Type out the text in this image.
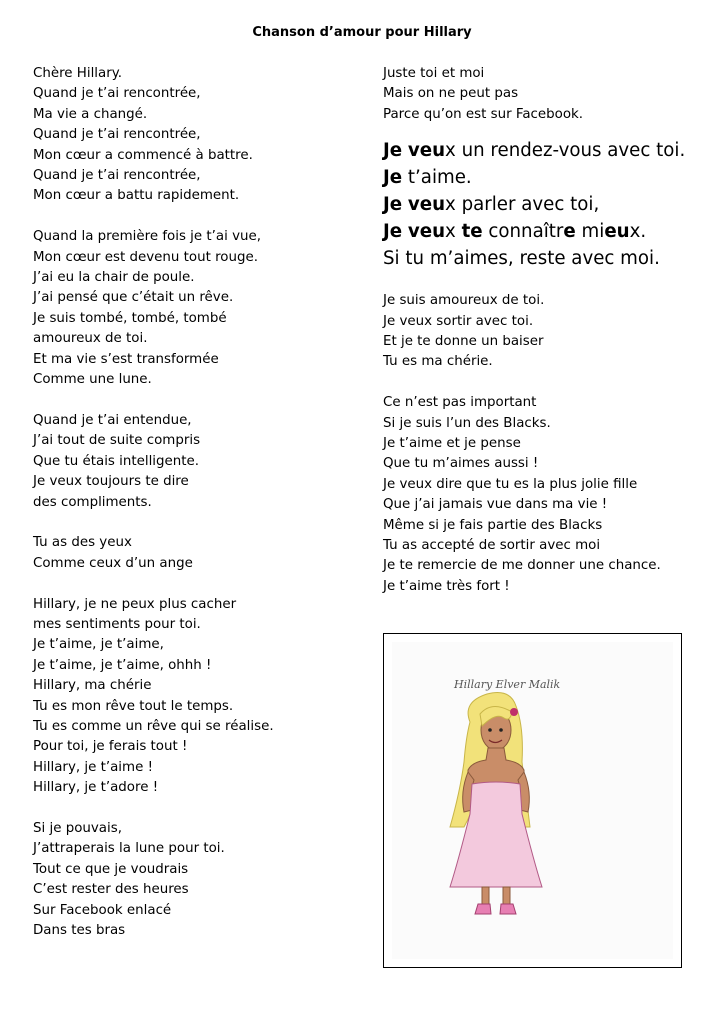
Chanson d’amour pour Hillary
Chère Hillary.
Quand je t’ai rencontrée,
Ma vie a changé.
Quand je t’ai rencontrée,
Mon cœur a commencé à battre.
Quand je t’ai rencontrée,
Mon cœur a battu rapidement.
Quand la première fois je t’ai vue,
Mon cœur est devenu tout rouge.
J’ai eu la chair de poule.
J’ai pensé que c’était un rêve.
Je suis tombé, tombé, tombé
amoureux de toi.
Et ma vie s’est transformée
Comme une lune.
Quand je t’ai entendue,
J’ai tout de suite compris
Que tu étais intelligente.
Je veux toujours te dire
des compliments.
Tu as des yeux
Comme ceux d’un ange
Hillary, je ne peux plus cacher
mes sentiments pour toi.
Je t’aime, je t’aime,
Je t’aime, je t’aime, ohhh !
Hillary, ma chérie
Tu es mon rêve tout le temps.
Tu es comme un rêve qui se réalise.
Pour toi, je ferais tout !
Hillary, je t’aime !
Hillary, je t’adore !
Si je pouvais,
J’attraperais la lune pour toi.
Tout ce que je voudrais
C’est rester des heures
Sur Facebook enlacé
Dans tes bras
Juste toi et moi
Mais on ne peut pas
Parce qu’on est sur Facebook.
Je veux un rendez-vous avec toi.
Je t’aime.
Je veux parler avec toi,
Je veux te connaître mieux.
Si tu m’aimes, reste avec moi.
Je suis amoureux de toi.
Je veux sortir avec toi.
Et je te donne un baiser
Tu es ma chérie.
Ce n’est pas important
Si je suis l’un des Blacks.
Je t’aime et je pense
Que tu m’aimes aussi !
Je veux dire que tu es la plus jolie fille
Que j’ai jamais vue dans ma vie !
Même si je fais partie des Blacks
Tu as accepté de sortir avec moi
Je te remercie de me donner une chance.
Je t’aime très fort !
Hillary Elver Malik
